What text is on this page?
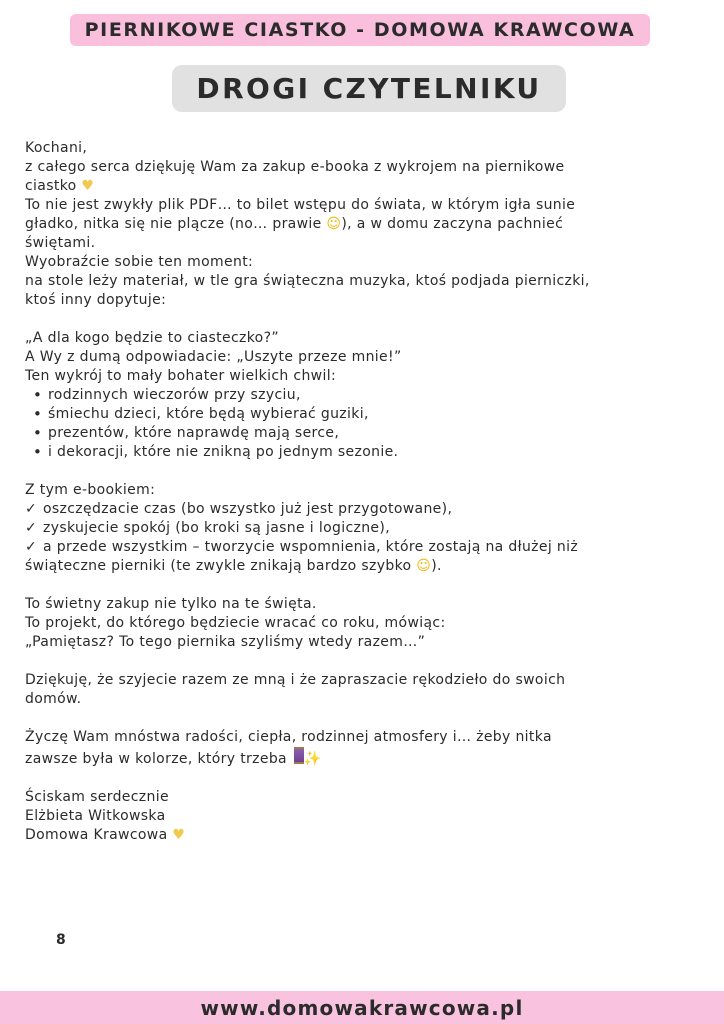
PIERNIKOWE CIASTKO - DOMOWA KRAWCOWA
DROGI CZYTELNIKU
Kochani,
z całego serca dziękuję Wam za zakup e-booka z wykrojem na piernikowe
ciastko ♥
To nie jest zwykły plik PDF… to bilet wstępu do świata, w którym igła sunie
gładko, nitka się nie plącze (no… prawie ☺), a w domu zaczyna pachnieć
świętami.
Wyobraźcie sobie ten moment:
na stole leży materiał, w tle gra świąteczna muzyka, ktoś podjada pierniczki,
ktoś inny dopytuje:
„A dla kogo będzie to ciasteczko?”
A Wy z dumą odpowiadacie: „Uszyte przeze mnie!”
Ten wykrój to mały bohater wielkich chwil:
• rodzinnych wieczorów przy szyciu,
• śmiechu dzieci, które będą wybierać guziki,
• prezentów, które naprawdę mają serce,
• i dekoracji, które nie znikną po jednym sezonie.
Z tym e-bookiem:
✓ oszczędzacie czas (bo wszystko już jest przygotowane),
✓ zyskujecie spokój (bo kroki są jasne i logiczne),
✓ a przede wszystkim – tworzycie wspomnienia, które zostają na dłużej niż
świąteczne pierniki (te zwykle znikają bardzo szybko ☺).
To świetny zakup nie tylko na te święta.
To projekt, do którego będziecie wracać co roku, mówiąc:
„Pamiętasz? To tego piernika szyliśmy wtedy razem…”
Dziękuję, że szyjecie razem ze mną i że zapraszacie rękodzieło do swoich
domów.
Życzę Wam mnóstwa radości, ciepła, rodzinnej atmosfery i… żeby nitka
zawsze była w kolorze, który trzeba ✨
Ściskam serdecznie
Elżbieta Witkowska
Domowa Krawcowa ♥
8
www.domowakrawcowa.pl
